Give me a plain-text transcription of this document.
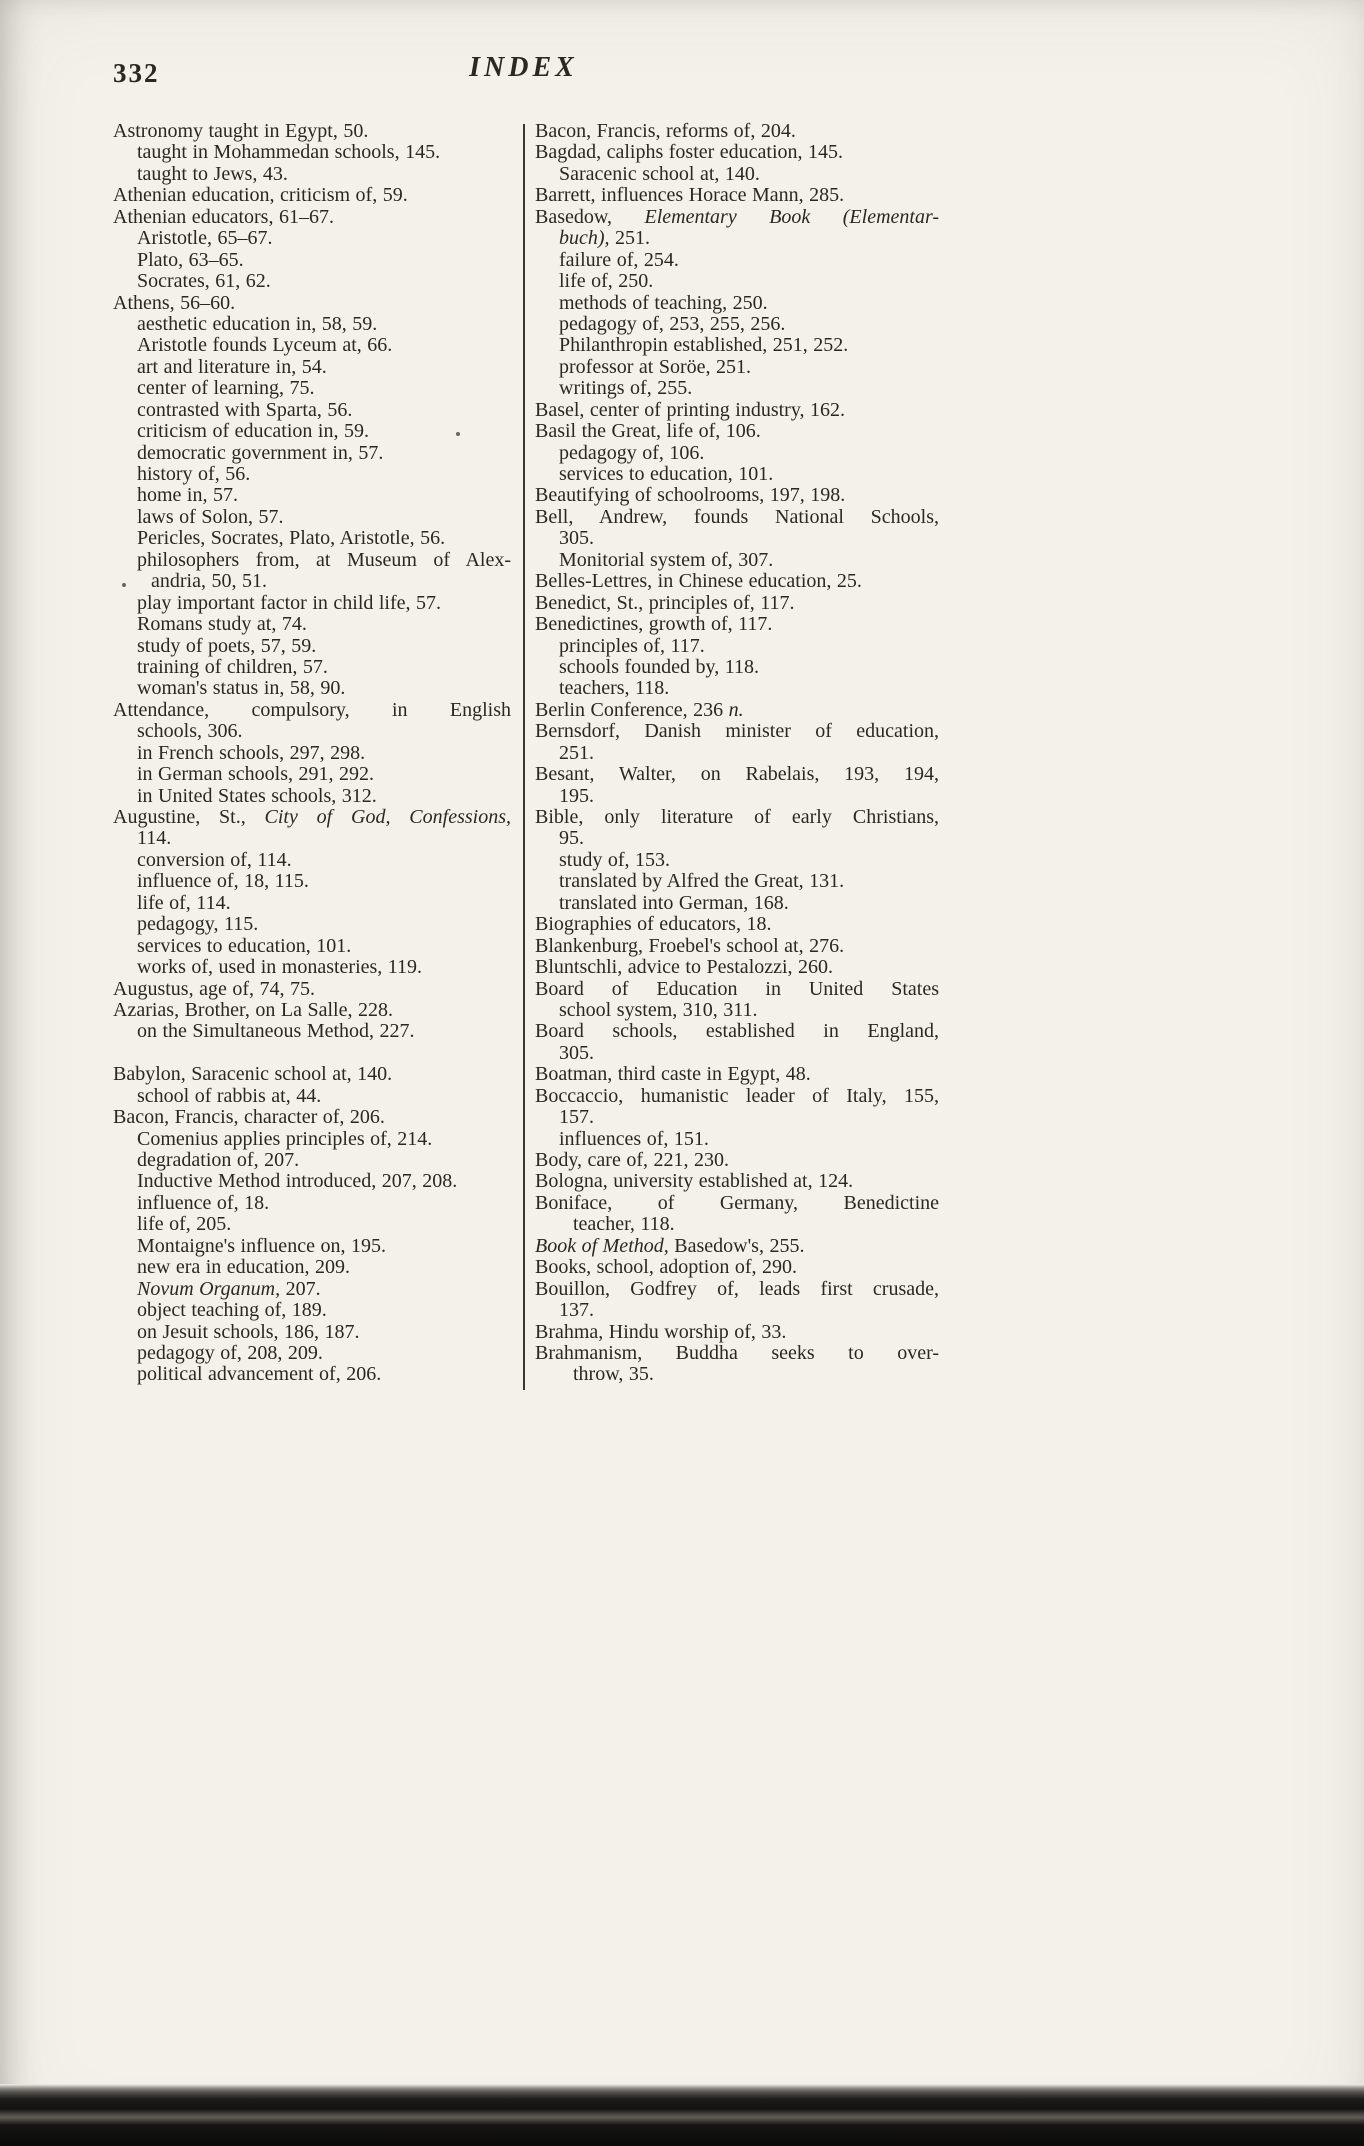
332	INDEX
Astronomy taught in Egypt, 50.
taught in Mohammedan schools, 145.
taught to Jews, 43.
Athenian education, criticism of, 59.
Athenian educators, 61–67.
Aristotle, 65–67.
Plato, 63–65.
Socrates, 61, 62.
Athens, 56–60.
aesthetic education in, 58, 59.
Aristotle founds Lyceum at, 66.
art and literature in, 54.
center of learning, 75.
contrasted with Sparta, 56.
criticism of education in, 59.
democratic government in, 57.
history of, 56.
home in, 57.
laws of Solon, 57.
Pericles, Socrates, Plato, Aristotle, 56.
philosophers from, at Museum of Alex-
andria, 50, 51.
play important factor in child life, 57.
Romans study at, 74.
study of poets, 57, 59.
training of children, 57.
woman's status in, 58, 90.
Attendance, compulsory, in English
schools, 306.
in French schools, 297, 298.
in German schools, 291, 292.
in United States schools, 312.
Augustine, St., City of God, Confessions,
114.
conversion of, 114.
influence of, 18, 115.
life of, 114.
pedagogy, 115.
services to education, 101.
works of, used in monasteries, 119.
Augustus, age of, 74, 75.
Azarias, Brother, on La Salle, 228.
on the Simultaneous Method, 227.
Babylon, Saracenic school at, 140.
school of rabbis at, 44.
Bacon, Francis, character of, 206.
Comenius applies principles of, 214.
degradation of, 207.
Inductive Method introduced, 207, 208.
influence of, 18.
life of, 205.
Montaigne's influence on, 195.
new era in education, 209.
Novum Organum, 207.
object teaching of, 189.
on Jesuit schools, 186, 187.
pedagogy of, 208, 209.
political advancement of, 206.
Bacon, Francis, reforms of, 204.
Bagdad, caliphs foster education, 145.
Saracenic school at, 140.
Barrett, influences Horace Mann, 285.
Basedow, Elementary Book (Elementar-
buch), 251.
failure of, 254.
life of, 250.
methods of teaching, 250.
pedagogy of, 253, 255, 256.
Philanthropin established, 251, 252.
professor at Soröe, 251.
writings of, 255.
Basel, center of printing industry, 162.
Basil the Great, life of, 106.
pedagogy of, 106.
services to education, 101.
Beautifying of schoolrooms, 197, 198.
Bell, Andrew, founds National Schools,
305.
Monitorial system of, 307.
Belles-Lettres, in Chinese education, 25.
Benedict, St., principles of, 117.
Benedictines, growth of, 117.
principles of, 117.
schools founded by, 118.
teachers, 118.
Berlin Conference, 236 n.
Bernsdorf, Danish minister of education,
251.
Besant, Walter, on Rabelais, 193, 194,
195.
Bible, only literature of early Christians,
95.
study of, 153.
translated by Alfred the Great, 131.
translated into German, 168.
Biographies of educators, 18.
Blankenburg, Froebel's school at, 276.
Bluntschli, advice to Pestalozzi, 260.
Board of Education in United States
school system, 310, 311.
Board schools, established in England,
305.
Boatman, third caste in Egypt, 48.
Boccaccio, humanistic leader of Italy, 155,
157.
influences of, 151.
Body, care of, 221, 230.
Bologna, university established at, 124.
Boniface, of Germany, Benedictine
teacher, 118.
Book of Method, Basedow's, 255.
Books, school, adoption of, 290.
Bouillon, Godfrey of, leads first crusade,
137.
Brahma, Hindu worship of, 33.
Brahmanism, Buddha seeks to over-
throw, 35.
